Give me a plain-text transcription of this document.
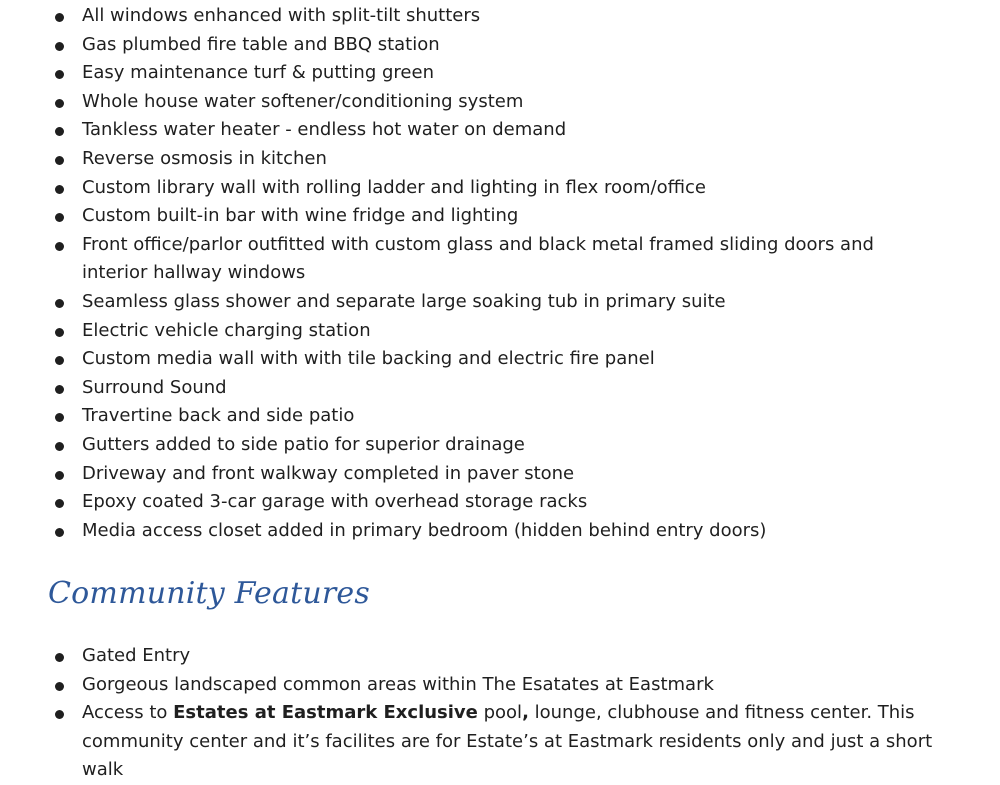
All windows enhanced with split-tilt shutters
Gas plumbed fire table and BBQ station
Easy maintenance turf & putting green
Whole house water softener/conditioning system
Tankless water heater - endless hot water on demand
Reverse osmosis in kitchen
Custom library wall with rolling ladder and lighting in flex room/office
Custom built-in bar with wine fridge and lighting
Front office/parlor outfitted with custom glass and black metal framed sliding doors and interior hallway windows
Seamless glass shower and separate large soaking tub in primary suite
Electric vehicle charging station
Custom media wall with with tile backing and electric fire panel
Surround Sound
Travertine back and side patio
Gutters added to side patio for superior drainage
Driveway and front walkway completed in paver stone
Epoxy coated 3-car garage with overhead storage racks
Media access closet added in primary bedroom (hidden behind entry doors)
Community Features
Gated Entry
Gorgeous landscaped common areas within The Esatates at Eastmark
Access to Estates at Eastmark Exclusive pool, lounge, clubhouse and fitness center. This community center and it’s facilites are for Estate’s at Eastmark residents only and just a short walk
